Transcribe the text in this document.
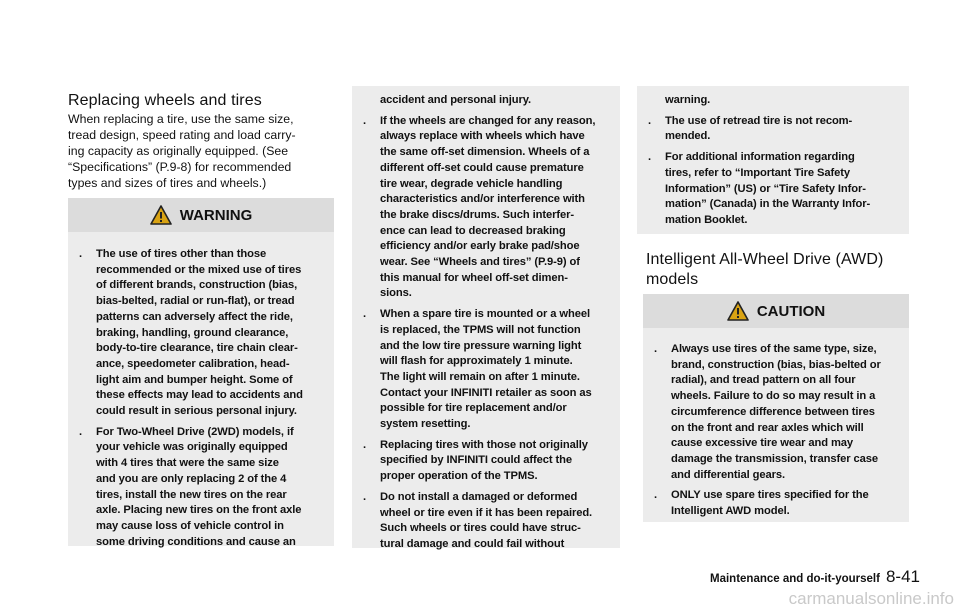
Replacing wheels and tires
When replacing a tire, use the same size,
tread design, speed rating and load carry-
ing capacity as originally equipped. (See
“Specifications” (P.9-8) for recommended
types and sizes of tires and wheels.)
WARNING
. The use of tires other than those
recommended or the mixed use of tires
of different brands, construction (bias,
bias-belted, radial or run-flat), or tread
patterns can adversely affect the ride,
braking, handling, ground clearance,
body-to-tire clearance, tire chain clear-
ance, speedometer calibration, head-
light aim and bumper height. Some of
these effects may lead to accidents and
could result in serious personal injury.
. For Two-Wheel Drive (2WD) models, if
your vehicle was originally equipped
with 4 tires that were the same size
and you are only replacing 2 of the 4
tires, install the new tires on the rear
axle. Placing new tires on the front axle
may cause loss of vehicle control in
some driving conditions and cause an
accident and personal injury.
. If the wheels are changed for any reason,
always replace with wheels which have
the same off-set dimension. Wheels of a
different off-set could cause premature
tire wear, degrade vehicle handling
characteristics and/or interference with
the brake discs/drums. Such interfer-
ence can lead to decreased braking
efficiency and/or early brake pad/shoe
wear. See “Wheels and tires” (P.9-9) of
this manual for wheel off-set dimen-
sions.
. When a spare tire is mounted or a wheel
is replaced, the TPMS will not function
and the low tire pressure warning light
will flash for approximately 1 minute.
The light will remain on after 1 minute.
Contact your INFINITI retailer as soon as
possible for tire replacement and/or
system resetting.
. Replacing tires with those not originally
specified by INFINITI could affect the
proper operation of the TPMS.
. Do not install a damaged or deformed
wheel or tire even if it has been repaired.
Such wheels or tires could have struc-
tural damage and could fail without
warning.
. The use of retread tire is not recom-
mended.
. For additional information regarding
tires, refer to “Important Tire Safety
Information” (US) or “Tire Safety Infor-
mation” (Canada) in the Warranty Infor-
mation Booklet.
Intelligent All-Wheel Drive (AWD)
models
CAUTION
. Always use tires of the same type, size,
brand, construction (bias, bias-belted or
radial), and tread pattern on all four
wheels. Failure to do so may result in a
circumference difference between tires
on the front and rear axles which will
cause excessive tire wear and may
damage the transmission, transfer case
and differential gears.
. ONLY use spare tires specified for the
Intelligent AWD model.
Maintenance and do-it-yourself 8-41
carmanualsonline.info
